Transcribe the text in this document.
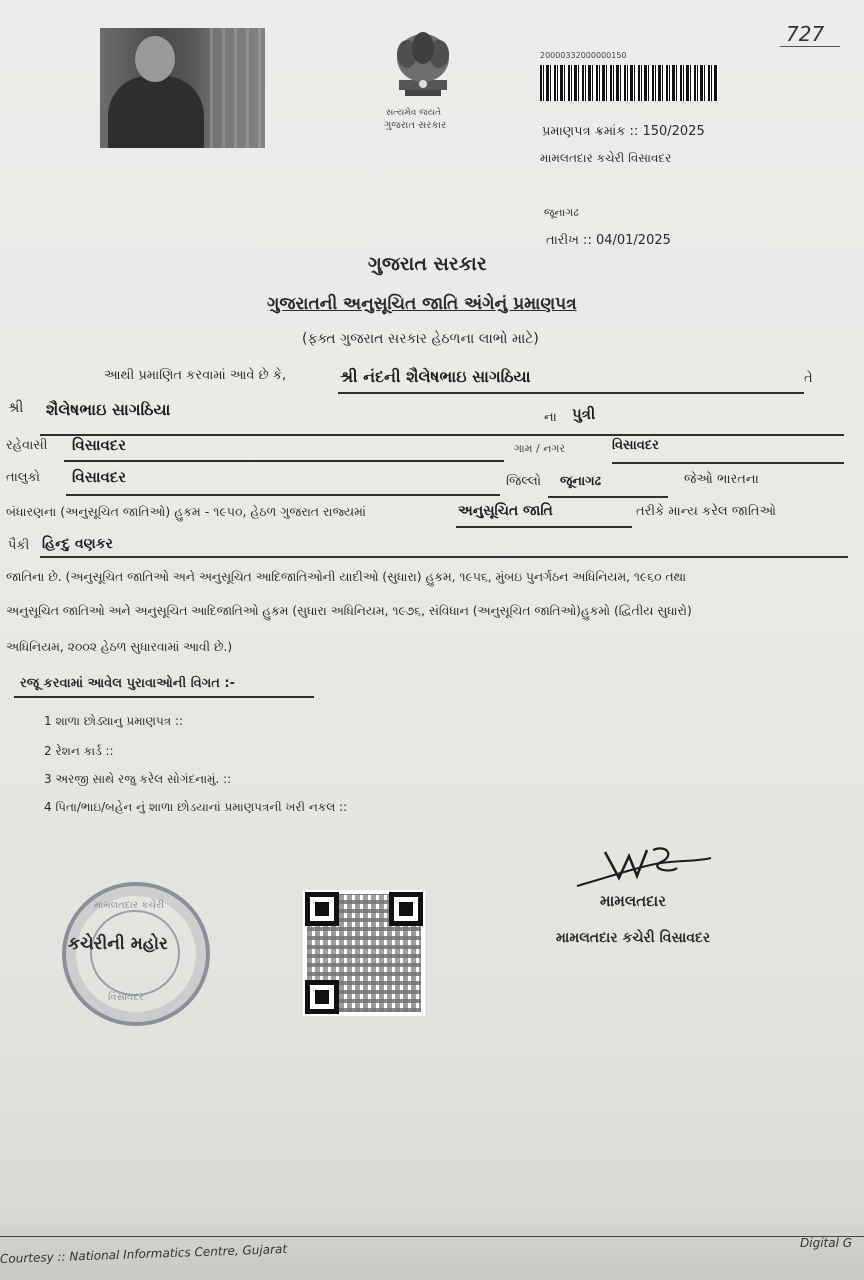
સત્યમેવ જયતે
ગુજરાત સરકાર
727
20000332000000150
પ્રમાણપત્ર ક્રમાંક :: 150/2025
મામલતદાર કચેરી વિસાવદર
જૂનાગઢ
તારીખ :: 04/01/2025
ગુજરાત સરકાર
ગુજરાતની અનુસૂચિત જાતિ અંગેનું પ્રમાણપત્ર
(ફક્ત ગુજરાત સરકાર હેઠળના લાભો માટે)
આથી પ્રમાણિત કરવામાં આવે છે કે,	શ્રી નંદની શૈલેષભાઇ સાગઠિયા	તે
શ્રી શૈલેષભાઇ સાગઠિયા	ના પુત્રી
રહેવાસી વિસાવદર	ગામ / નગર	વિસાવદર
તાલુકો વિસાવદર	જિલ્લો જૂનાગઢ	જેઓ ભારતના
બંધારણના (અનુસૂચિત જાતિઓ) હુકમ - ૧૯૫૦, હેઠળ ગુજરાત રાજ્યમાં	અનુસૂચિત જાતિ	તરીકે માન્ય કરેલ જાતિઓ
પૈકી હિન્દુ વણકર
જાતિના છે. (અનુસૂચિત જાતિઓ અને અનુસૂચિત આદિજાતિઓની યાદીઓ (સુધારા) હુકમ, ૧૯૫૬, મુંબઇ પુનર્ગઠન અધિનિયમ, ૧૯૬૦ તથા
અનુસૂચિત જાતિઓ અને અનુસૂચિત આદિજાતિઓ હુકમ (સુધારા અધિનિયમ, ૧૯૭૬, સંવિધાન (અનુસૂચિત જાતિઓ)હુકમો (દ્વિતીય સુધારો)
અધિનિયમ, ૨૦૦૨ હેઠળ સુધારવામાં આવી છે.)
રજૂ કરવામાં આવેલ પુરાવાઓની વિગત :-
1 શાળા છોડ્યાનુ પ્રમાણપત્ર ::
2 રેશન કાર્ડ ::
3 અરજી સાથે રજુ કરેલ સોગંદનામું. ::
4 પિતા/ભાઇ/બહેન નું શાળા છોડયાનાં પ્રમાણપત્રની ખરી નકલ ::
મામલતદાર કચેરી
વિસાવદર
કચેરીની મહોર
મામલતદાર
મામલતદાર કચેરી વિસાવદર
Courtesy :: National Informatics Centre, Gujarat	Digital G
